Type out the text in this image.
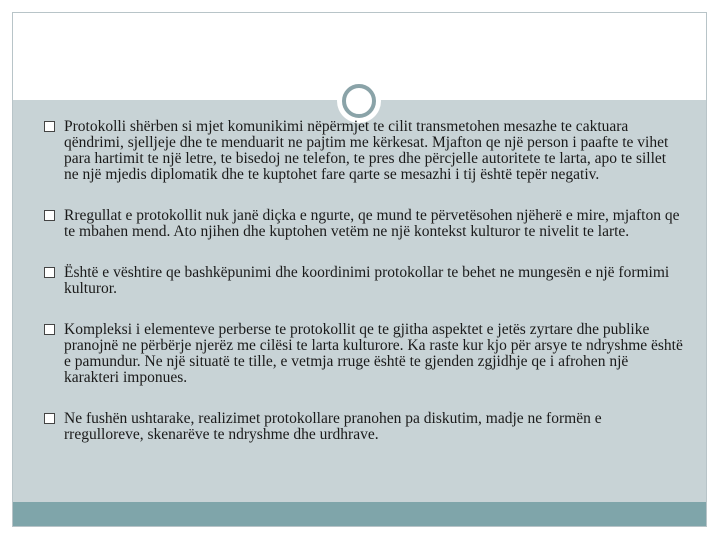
Protokolli shërben si mjet komunikimi nëpërmjet te cilit transmetohen mesazhe te caktuara qëndrimi, sjelljeje dhe te menduarit ne pajtim me kërkesat. Mjafton qe një person i paafte te vihet para hartimit te një letre, te bisedoj ne telefon, te pres dhe përcjelle autoritete te larta, apo te sillet ne një mjedis diplomatik dhe te kuptohet fare qarte se mesazhi i tij është tepër negativ.
Rregullat e protokollit nuk janë diçka e ngurte, qe mund te përvetësohen njëherë e mire, mjafton qe te mbahen mend. Ato njihen dhe kuptohen vetëm ne një kontekst kulturor te nivelit te larte.
Është e vështire qe bashkëpunimi dhe koordinimi protokollar te behet ne mungesën e një formimi kulturor.
Kompleksi i elementeve perberse te protokollit qe te gjitha aspektet e jetës zyrtare dhe publike pranojnë ne përbërje njerëz me cilësi te larta kulturore. Ka raste kur kjo për arsye te ndryshme është e pamundur. Ne një situatë te tille, e vetmja rruge është te gjenden zgjidhje qe i afrohen një karakteri imponues.
Ne fushën ushtarake, realizimet protokollare pranohen pa diskutim, madje ne formën e rregulloreve, skenarëve te ndryshme dhe urdhrave.
